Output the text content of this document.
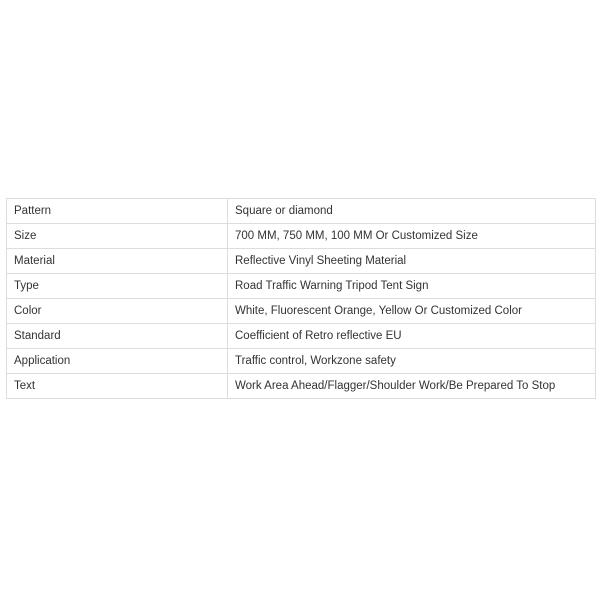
Pattern	Square or diamond
Size	700 MM, 750 MM, 100 MM Or Customized Size
Material	Reflective Vinyl Sheeting Material
Type	Road Traffic Warning Tripod Tent Sign
Color	White, Fluorescent Orange, Yellow Or Customized Color
Standard	Coefficient of Retro reflective EU
Application	Traffic control, Workzone safety
Text	Work Area Ahead/Flagger/Shoulder Work/Be Prepared To Stop
